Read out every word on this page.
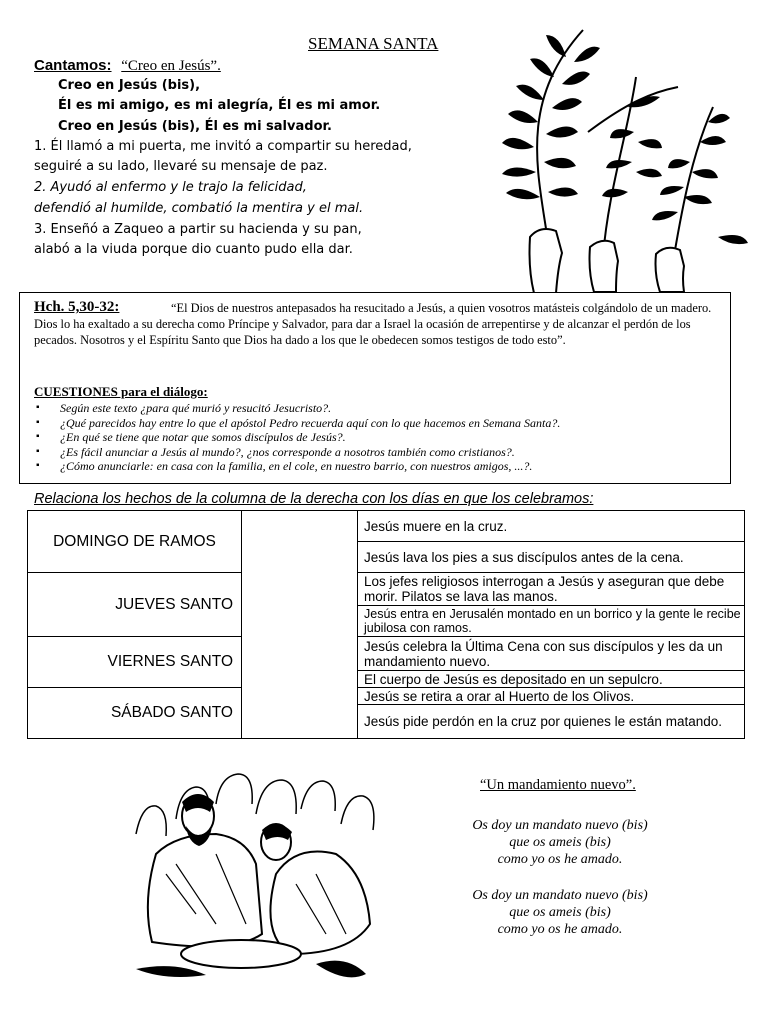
SEMANA SANTA
Cantamos: “Creo en Jesús”.
Creo en Jesús (bis),
Él es mi amigo, es mi alegría, Él es mi amor.
Creo en Jesús (bis), Él es mi salvador.
1. Él llamó a mi puerta, me invitó a compartir su heredad,
seguiré a su lado, llevaré su mensaje de paz.
2. Ayudó al enfermo y le trajo la felicidad,
defendió al humilde, combatió la mentira y el mal.
3. Enseñó a Zaqueo a partir su hacienda y su pan,
alabó a la viuda porque dio cuanto pudo ella dar.
“El Dios de nuestros antepasados ha resucitado a Jesús, a quien vosotros matásteis colgándolo de un madero. Dios lo ha exaltado a su derecha como Príncipe y Salvador, para dar a Israel la ocasión de arrepentirse y de alcanzar el perdón de los pecados. Nosotros y el Espíritu Santo que Dios ha dado a los que le obedecen somos testigos de todo esto”.
Hch. 5,30-32:
CUESTIONES para el diálogo:
▪ Según este texto ¿para qué murió y resucitó Jesucristo?.
▪ ¿Qué parecidos hay entre lo que el apóstol Pedro recuerda aquí con lo que hacemos en Semana Santa?.
▪ ¿En qué se tiene que notar que somos discípulos de Jesús?.
▪ ¿Es fácil anunciar a Jesús al mundo?, ¿nos corresponde a nosotros también como cristianos?.
▪ ¿Cómo anunciarle: en casa con la familia, en el cole, en nuestro barrio, con nuestros amigos, ...?.
Relaciona los hechos de la columna de la derecha con los días en que los celebramos:
DOMINGO DE RAMOS		Jesús muere en la cruz.
		Jesús lava los pies a sus discípulos antes de la cena.
JUEVES SANTO		Los jefes religiosos interrogan a Jesús y aseguran que debe morir. Pilatos se lava las manos.
		Jesús entra en Jerusalén montado en un borrico y la gente le recibe jubilosa con ramos.
VIERNES SANTO		Jesús celebra la Última Cena con sus discípulos y les da un mandamiento nuevo.
		El cuerpo de Jesús es depositado en un sepulcro.
SÁBADO SANTO		Jesús se retira a orar al Huerto de los Olivos.
		Jesús pide perdón en la cruz por quienes le están matando.
“Un mandamiento nuevo”.
Os doy un mandato nuevo (bis)
que os ameis (bis)
como yo os he amado.
Os doy un mandato nuevo (bis)
que os ameis (bis)
como yo os he amado.
